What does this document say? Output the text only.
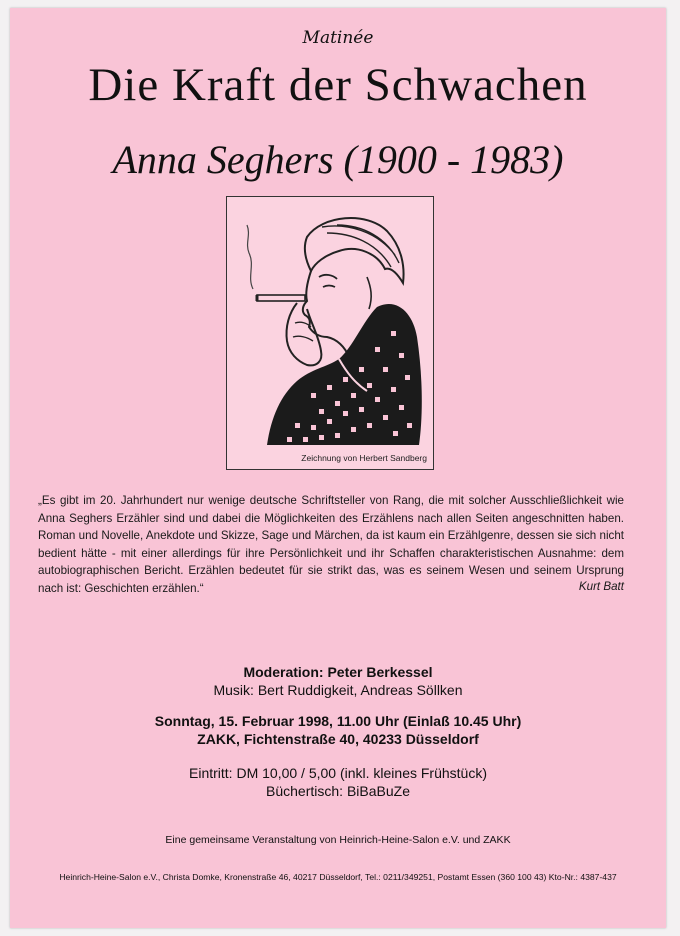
Matinée
Die Kraft der Schwachen
Anna Seghers (1900 - 1983)
Zeichnung von Herbert Sandberg
„Es gibt im 20. Jahrhundert nur wenige deutsche Schriftsteller von Rang, die mit solcher Ausschließlichkeit wie Anna Seghers Erzähler sind und dabei die Möglichkeiten des Erzählens nach allen Seiten angeschnitten haben. Roman und Novelle, Anekdote und Skizze, Sage und Märchen, da ist kaum ein Erzählgenre, dessen sie sich nicht bedient hätte - mit einer allerdings für ihre Persönlichkeit und ihr Schaffen charakteristischen Ausnahme: dem autobiographischen Bericht. Erzählen bedeutet für sie strikt das, was es seinem Wesen und seinem Ursprung nach ist: Geschichten erzählen.“	Kurt Batt
Moderation: Peter Berkessel
Musik: Bert Ruddigkeit, Andreas Söllken
Sonntag, 15. Februar 1998, 11.00 Uhr (Einlaß 10.45 Uhr)
ZAKK, Fichtenstraße 40, 40233 Düsseldorf
Eintritt: DM 10,00 / 5,00 (inkl. kleines Frühstück)
Büchertisch: BiBaBuZe
Eine gemeinsame Veranstaltung von Heinrich-Heine-Salon e.V. und ZAKK
Heinrich-Heine-Salon e.V., Christa Domke, Kronenstraße 46, 40217 Düsseldorf, Tel.: 0211/349251, Postamt Essen (360 100 43) Kto-Nr.: 4387-437
